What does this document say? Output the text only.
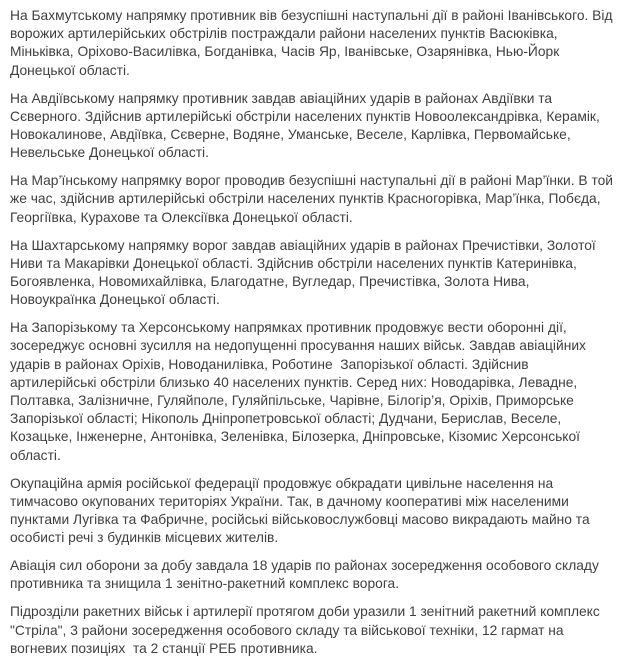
На Бахмутському напрямку противник вів безуспішні наступальні дії в районі Іванівського. Від ворожих артилерійських обстрілів постраждали райони населених пунктів Васюківка, Міньківка, Оріхово-Василівка, Богданівка, Часів Яр, Іванівське, Озарянівка, Нью-Йорк Донецької області.

На Авдіївському напрямку противник завдав авіаційних ударів в районах Авдіївки та Сєверного. Здійснив артилерійські обстріли населених пунктів Новоолександрівка, Керамік, Новокалинове, Авдіївка, Сєверне, Водяне, Уманське, Веселе, Карлівка, Первомайське, Невельське Донецької області.

На Мар’їнському напрямку ворог проводив безуспішні наступальні дії в районі Мар’їнки. В той же час, здійснив артилерійські обстріли населених пунктів Красногорівка, Мар’їнка, Побєда, Георгіївка, Курахове та Олексіївка Донецької області.

На Шахтарському напрямку ворог завдав авіаційних ударів в районах Пречистівки, Золотої Ниви та Макарівки Донецької області. Здійснив обстріли населених пунктів Катеринівка, Богоявленка, Новомихайлівка, Благодатне, Вугледар, Пречистівка, Золота Нива, Новоукраїнка Донецької області.

На Запорізькому та Херсонському напрямках противник продовжує вести оборонні дії, зосереджує основні зусилля на недопущенні просування наших військ. Завдав авіаційних ударів в районах Оріхів, Новоданилівка, Роботине  Запорізької області. Здійснив артилерійські обстріли близько 40 населених пунктів. Серед них: Новодарівка, Левадне, Полтавка, Залізничне, Гуляйполе, Гуляйпільське, Чарівне, Білогір’я, Оріхів, Приморське Запорізької області; Нікополь Дніпропетровської області; Дудчани, Берислав, Веселе, Козацьке, Інженерне, Антонівка, Зеленівка, Білозерка, Дніпровське, Кізомис Херсонської області.

Окупаційна армія російської федерації продовжує обкрадати цивільне населення на тимчасово окупованих територіях України. Так, в дачному кооперативі між населеними пунктами Лугівка та Фабричне, російські військовослужбовці масово викрадають майно та особисті речі з будинків місцевих жителів.

Авіація сил оборони за добу завдала 18 ударів по районах зосередження особового складу противника та знищила 1 зенітно-ракетний комплекс ворога.

Підрозділи ракетних військ і артилерії протягом доби уразили 1 зенітний ракетний комплекс "Стріла", 3 райони зосередження особового складу та військової техніки, 12 гармат на вогневих позиціях  та 2 станції РЕБ противника.
